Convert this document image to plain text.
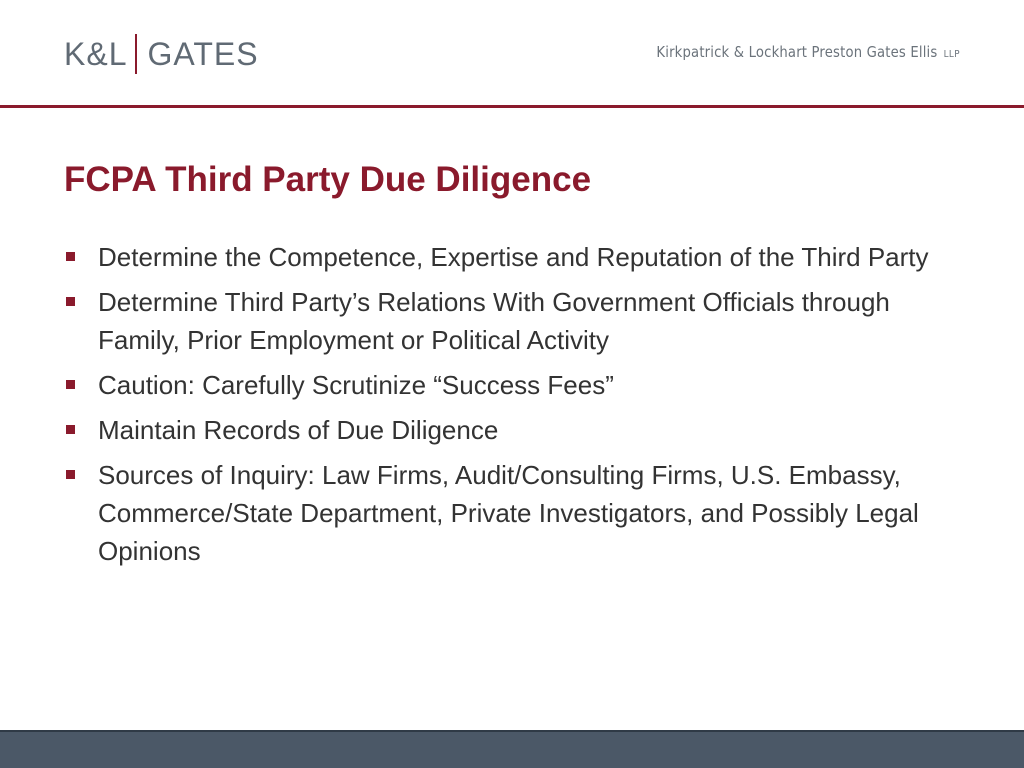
K&L GATES	Kirkpatrick & Lockhart Preston Gates Ellis LLP
FCPA Third Party Due Diligence
Determine the Competence, Expertise and Reputation of the Third Party
Determine Third Party’s Relations With Government Officials through Family, Prior Employment or Political Activity
Caution: Carefully Scrutinize “Success Fees”
Maintain Records of Due Diligence
Sources of Inquiry: Law Firms, Audit/Consulting Firms, U.S. Embassy, Commerce/State Department, Private Investigators, and Possibly Legal Opinions
